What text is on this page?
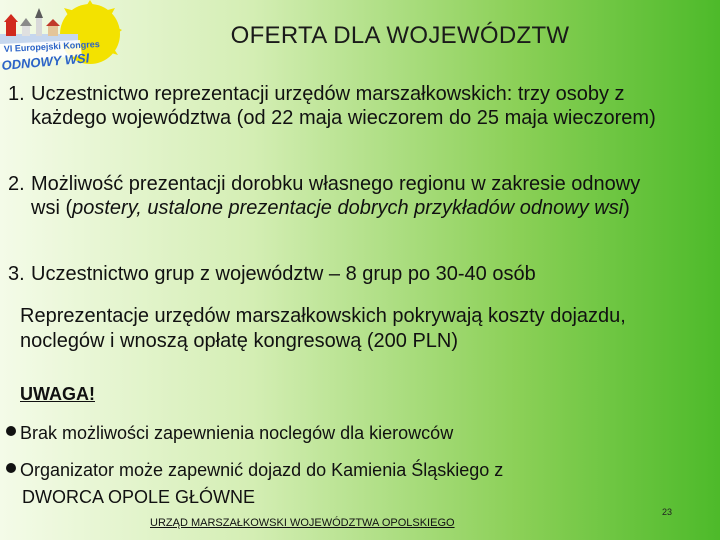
VI Europejski Kongres
ODNOWY WSI
OFERTA DLA WOJEWÓDZTW
1. Uczestnictwo reprezentacji urzędów marszałkowskich: trzy osoby z każdego województwa (od 22 maja wieczorem do 25 maja wieczorem)
2. Możliwość prezentacji dorobku własnego regionu w zakresie odnowy wsi (postery, ustalone prezentacje dobrych przykładów odnowy wsi)
3. Uczestnictwo grup z województw – 8 grup po 30-40 osób
Reprezentacje urzędów marszałkowskich pokrywają koszty dojazdu, noclegów i wnoszą opłatę kongresową (200 PLN)
UWAGA!
Brak możliwości zapewnienia noclegów dla kierowców
Organizator może zapewnić dojazd do Kamienia Śląskiego z
DWORCA OPOLE GŁÓWNE
URZĄD MARSZAŁKOWSKI WOJEWÓDZTWA OPOLSKIEGO
23
